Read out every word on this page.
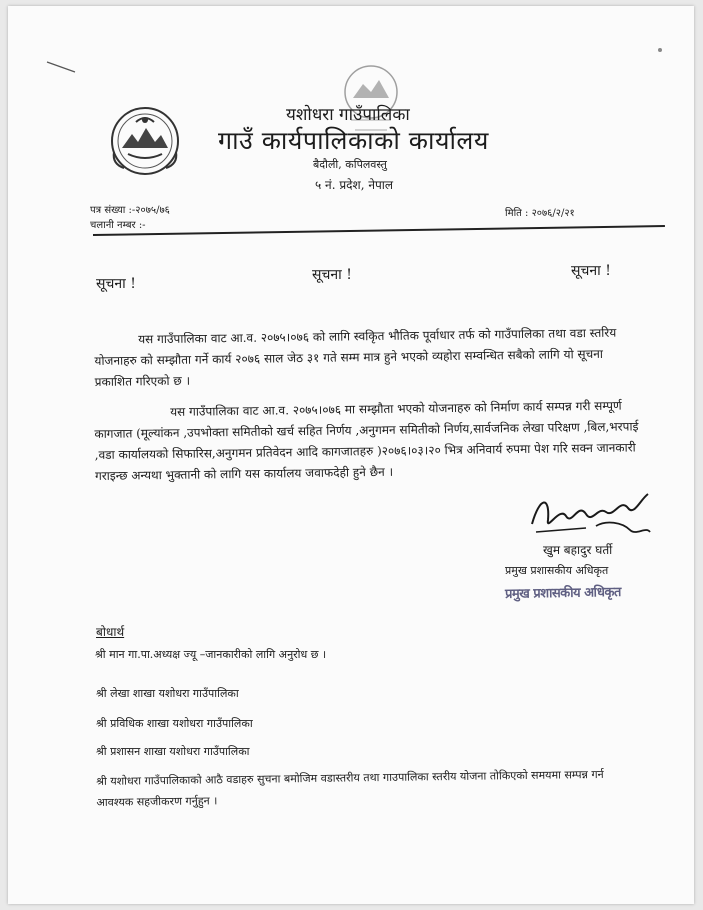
यशोधरा गाउँपालिका
गाउँ कार्यपालिकाको कार्यालय
बैदौली, कपिलवस्तु
५ नं. प्रदेश, नेपाल
पत्र संख्या :-२०७५/७६
चलानी नम्बर :-
मिति : २०७६/२/२१
सूचना !
सूचना !	सूचना !
यस गाउँपालिका वाट आ.व. २०७५।०७६ को लागि स्वकृित भौतिक पूर्वाधार तर्फ को गाउँपालिका तथा वडा स्तरिय योजनाहरु को सम्झौता गर्ने कार्य २०७६ साल जेठ ३१ गते सम्म मात्र हुने भएको व्यहोरा सम्वन्धित सबैको लागि यो सूचना प्रकाशित गरिएको छ ।
यस गाउँपालिका वाट आ.व. २०७५।०७६ मा सम्झौता भएको योजनाहरु को निर्माण कार्य सम्पन्न गरी सम्पूर्ण कागजात (मूल्यांकन ,उपभोक्ता समितीको खर्च सहित निर्णय ,अनुगमन समितीको निर्णय,सार्वजनिक लेखा परिक्षण ,बिल,भरपाई ,वडा कार्यालयको सिफारिस,अनुगमन प्रतिवेदन आदि कागजातहरु )२०७६।०३।२० भित्र अनिवार्य रुपमा पेश गरि सक्न जानकारी गराइन्छ अन्यथा भुक्तानी को लागि यस कार्यालय जवाफदेही हुने छैन ।
खुम बहादुर घर्ती
प्रमुख प्रशासकीय अधिकृत
प्रमुख प्रशासकीय अधिकृत
बोधार्थ
श्री मान गा.पा.अध्यक्ष ज्यू –जानकारीको लागि अनुरोध छ ।
श्री लेखा शाखा यशोधरा गाउँपालिका
श्री प्रविधिक शाखा यशोधरा गाउँपालिका
श्री प्रशासन शाखा यशोधरा गाउँपालिका
श्री यशोधरा गाउँपालिकाको आठै वडाहरु सुचना बमोजिम वडास्तरीय तथा गाउपालिका स्तरीय योजना तोकिएको समयमा सम्पन्न गर्न आवश्यक सहजीकरण गर्नुहुन ।
